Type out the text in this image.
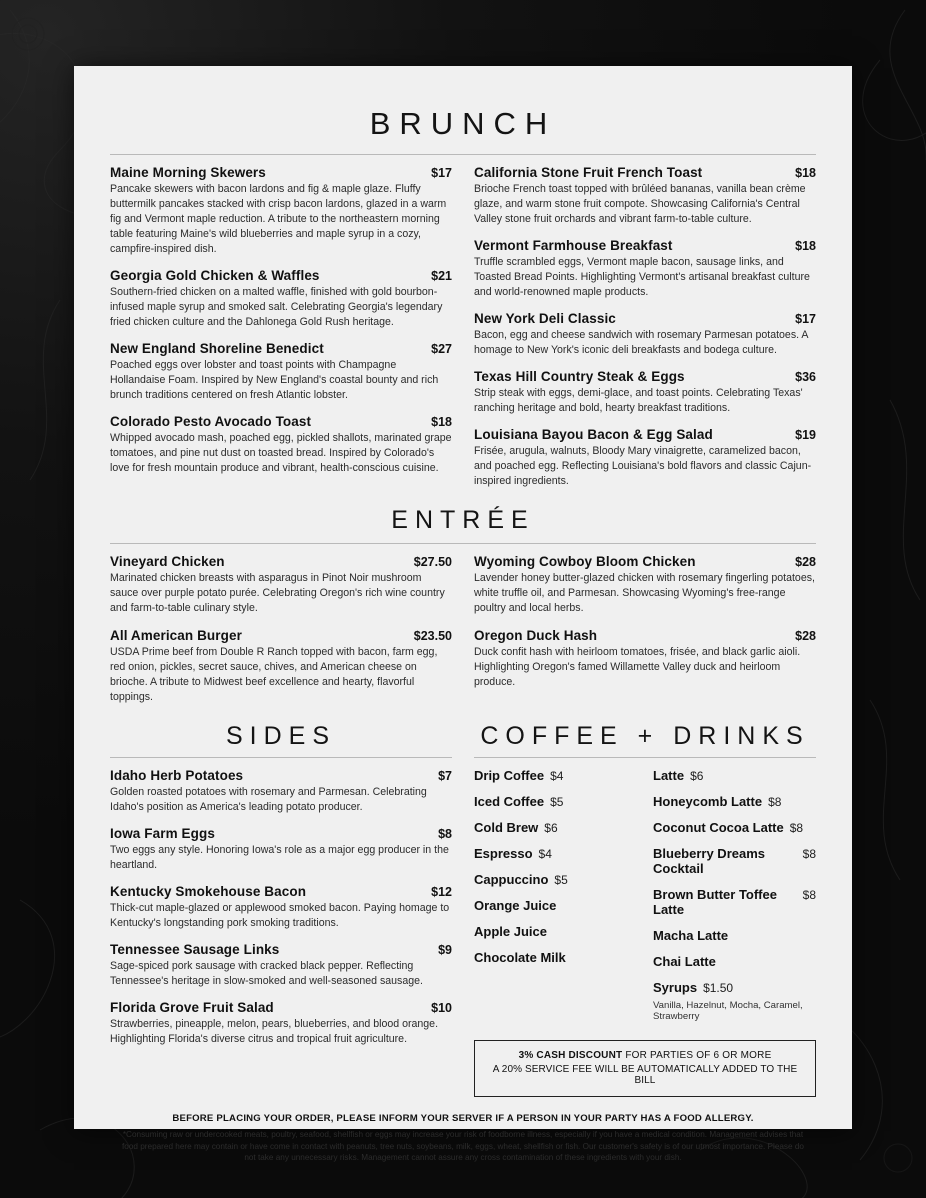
BRUNCH
Maine Morning Skewers	$17
Pancake skewers with bacon lardons and fig & maple glaze. Fluffy buttermilk pancakes stacked with crisp bacon lardons, glazed in a warm fig and Vermont maple reduction. A tribute to the northeastern morning table featuring Maine's wild blueberries and maple syrup in a cozy, campfire-inspired dish.
Georgia Gold Chicken & Waffles	$21
Southern-fried chicken on a malted waffle, finished with gold bourbon-infused maple syrup and smoked salt. Celebrating Georgia's legendary fried chicken culture and the Dahlonega Gold Rush heritage.
New England Shoreline Benedict	$27
Poached eggs over lobster and toast points with Champagne Hollandaise Foam. Inspired by New England's coastal bounty and rich brunch traditions centered on fresh Atlantic lobster.
Colorado Pesto Avocado Toast	$18
Whipped avocado mash, poached egg, pickled shallots, marinated grape tomatoes, and pine nut dust on toasted bread. Inspired by Colorado's love for fresh mountain produce and vibrant, health-conscious cuisine.
California Stone Fruit French Toast	$18
Brioche French toast topped with brûléed bananas, vanilla bean crème glaze, and warm stone fruit compote. Showcasing California's Central Valley stone fruit orchards and vibrant farm-to-table culture.
Vermont Farmhouse Breakfast	$18
Truffle scrambled eggs, Vermont maple bacon, sausage links, and Toasted Bread Points. Highlighting Vermont's artisanal breakfast culture and world-renowned maple products.
New York Deli Classic	$17
Bacon, egg and cheese sandwich with rosemary Parmesan potatoes. A homage to New York's iconic deli breakfasts and bodega culture.
Texas Hill Country Steak & Eggs	$36
Strip steak with eggs, demi-glace, and toast points. Celebrating Texas' ranching heritage and bold, hearty breakfast traditions.
Louisiana Bayou Bacon & Egg Salad	$19
Frisée, arugula, walnuts, Bloody Mary vinaigrette, caramelized bacon, and poached egg. Reflecting Louisiana's bold flavors and classic Cajun-inspired ingredients.
ENTRÉE
Vineyard Chicken	$27.50
Marinated chicken breasts with asparagus in Pinot Noir mushroom sauce over purple potato purée. Celebrating Oregon's rich wine country and farm-to-table culinary style.
All American Burger	$23.50
USDA Prime beef from Double R Ranch topped with bacon, farm egg, red onion, pickles, secret sauce, chives, and American cheese on brioche. A tribute to Midwest beef excellence and hearty, flavorful toppings.
Wyoming Cowboy Bloom Chicken	$28
Lavender honey butter-glazed chicken with rosemary fingerling potatoes, white truffle oil, and Parmesan. Showcasing Wyoming's free-range poultry and local herbs.
Oregon Duck Hash	$28
Duck confit hash with heirloom tomatoes, frisée, and black garlic aioli. Highlighting Oregon's famed Willamette Valley duck and heirloom produce.
SIDES	COFFEE + DRINKS
Idaho Herb Potatoes	$7
Golden roasted potatoes with rosemary and Parmesan. Celebrating Idaho's position as America's leading potato producer.
Iowa Farm Eggs	$8
Two eggs any style. Honoring Iowa's role as a major egg producer in the heartland.
Kentucky Smokehouse Bacon	$12
Thick-cut maple-glazed or applewood smoked bacon. Paying homage to Kentucky's longstanding pork smoking traditions.
Tennessee Sausage Links	$9
Sage-spiced pork sausage with cracked black pepper. Reflecting Tennessee's heritage in slow-smoked and well-seasoned sausage.
Florida Grove Fruit Salad	$10
Strawberries, pineapple, melon, pears, blueberries, and blood orange. Highlighting Florida's diverse citrus and tropical fruit agriculture.
Drip Coffee $4
Iced Coffee $5
Cold Brew $6
Espresso $4
Cappuccino $5
Orange Juice
Apple Juice
Chocolate Milk
Latte $6
Honeycomb Latte $8
Coconut Cocoa Latte $8
Blueberry Dreams Cocktail
$8
Brown Butter Toffee Latte
$8
Macha Latte
Chai Latte
Syrups $1.50
Vanilla, Hazelnut, Mocha, Caramel, Strawberry
3% CASH DISCOUNT FOR PARTIES OF 6 OR MORE
A 20% SERVICE FEE WILL BE AUTOMATICALLY ADDED TO THE BILL
BEFORE PLACING YOUR ORDER, PLEASE INFORM YOUR SERVER IF A PERSON IN YOUR PARTY HAS A FOOD ALLERGY.
*Consuming raw or undercooked meats, poultry, seafood, shellfish or eggs may increase your risk of foodborne illness, especially if you have a medical condition. Management advises that food prepared here may contain or have come in contact with peanuts, tree nuts, soybeans, milk, eggs, wheat, shellfish or fish. Our customer's safety is of our utmost importance. Please do not take any unnecessary risks. Management cannot assure any cross contamination of these ingredients with your dish.
